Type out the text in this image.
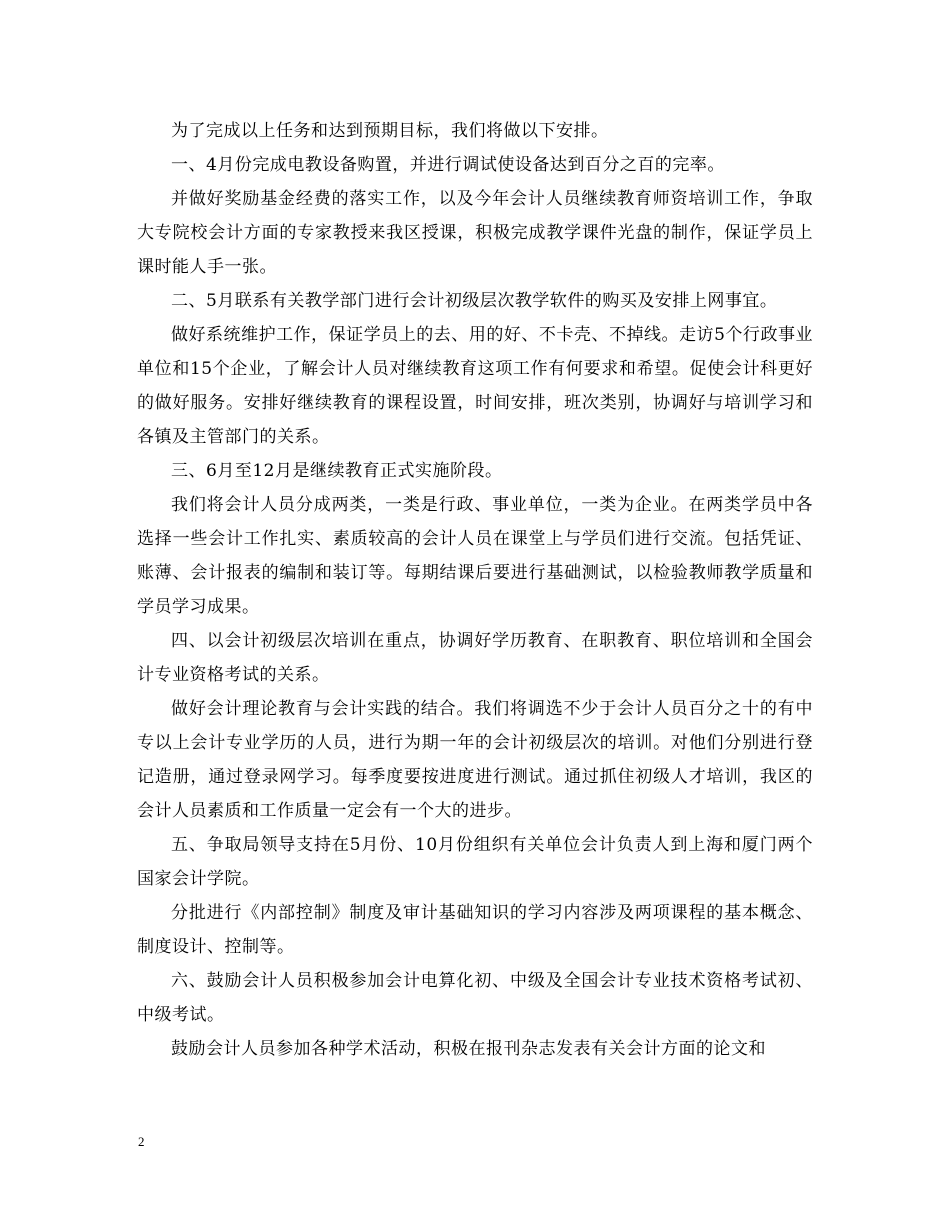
为了完成以上任务和达到预期目标，我们将做以下安排。

一、4月份完成电教设备购置，并进行调试使设备达到百分之百的完率。

并做好奖励基金经费的落实工作，以及今年会计人员继续教育师资培训工作，争取大专院校会计方面的专家教授来我区授课，积极完成教学课件光盘的制作，保证学员上课时能人手一张。

二、5月联系有关教学部门进行会计初级层次教学软件的购买及安排上网事宜。

做好系统维护工作，保证学员上的去、用的好、不卡壳、不掉线。走访5个行政事业单位和15个企业，了解会计人员对继续教育这项工作有何要求和希望。促使会计科更好的做好服务。安排好继续教育的课程设置，时间安排，班次类别，协调好与培训学习和各镇及主管部门的关系。

三、6月至12月是继续教育正式实施阶段。

我们将会计人员分成两类，一类是行政、事业单位，一类为企业。在两类学员中各选择一些会计工作扎实、素质较高的会计人员在课堂上与学员们进行交流。包括凭证、账薄、会计报表的编制和装订等。每期结课后要进行基础测试，以检验教师教学质量和学员学习成果。

四、以会计初级层次培训在重点，协调好学历教育、在职教育、职位培训和全国会计专业资格考试的关系。

做好会计理论教育与会计实践的结合。我们将调选不少于会计人员百分之十的有中专以上会计专业学历的人员，进行为期一年的会计初级层次的培训。对他们分别进行登记造册，通过登录网学习。每季度要按进度进行测试。通过抓住初级人才培训，我区的会计人员素质和工作质量一定会有一个大的进步。

五、争取局领导支持在5月份、10月份组织有关单位会计负责人到上海和厦门两个国家会计学院。

分批进行《内部控制》制度及审计基础知识的学习内容涉及两项课程的基本概念、制度设计、控制等。

六、鼓励会计人员积极参加会计电算化初、中级及全国会计专业技术资格考试初、中级考试。

鼓励会计人员参加各种学术活动，积极在报刊杂志发表有关会计方面的论文和

2
